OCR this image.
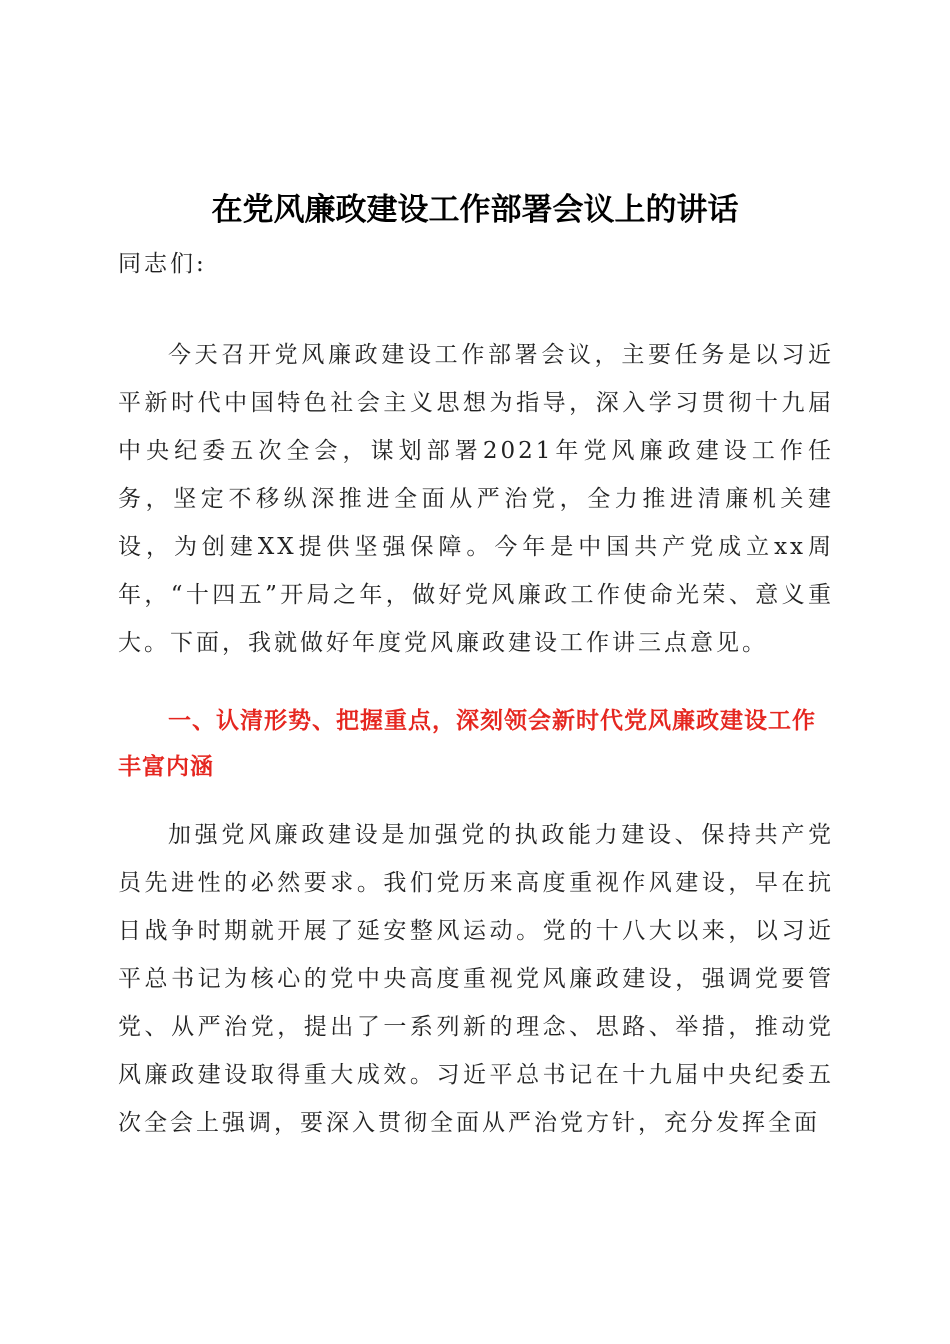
在党风廉政建设工作部署会议上的讲话

同志们:

今天召开党风廉政建设工作部署会议，主要任务是以习近平新时代中国特色社会主义思想为指导，深入学习贯彻十九届中央纪委五次全会，谋划部署2021年党风廉政建设工作任务，坚定不移纵深推进全面从严治党，全力推进清廉机关建设，为创建XX提供坚强保障。今年是中国共产党成立xx周年，“十四五”开局之年，做好党风廉政工作使命光荣、意义重大。下面，我就做好年度党风廉政建设工作讲三点意见。

一、认清形势、把握重点，深刻领会新时代党风廉政建设工作丰富内涵

加强党风廉政建设是加强党的执政能力建设、保持共产党员先进性的必然要求。我们党历来高度重视作风建设，早在抗日战争时期就开展了延安整风运动。党的十八大以来，以习近平总书记为核心的党中央高度重视党风廉政建设，强调党要管党、从严治党，提出了一系列新的理念、思路、举措，推动党风廉政建设取得重大成效。习近平总书记在十九届中央纪委五次全会上强调，要深入贯彻全面从严治党方针，充分发挥全面
